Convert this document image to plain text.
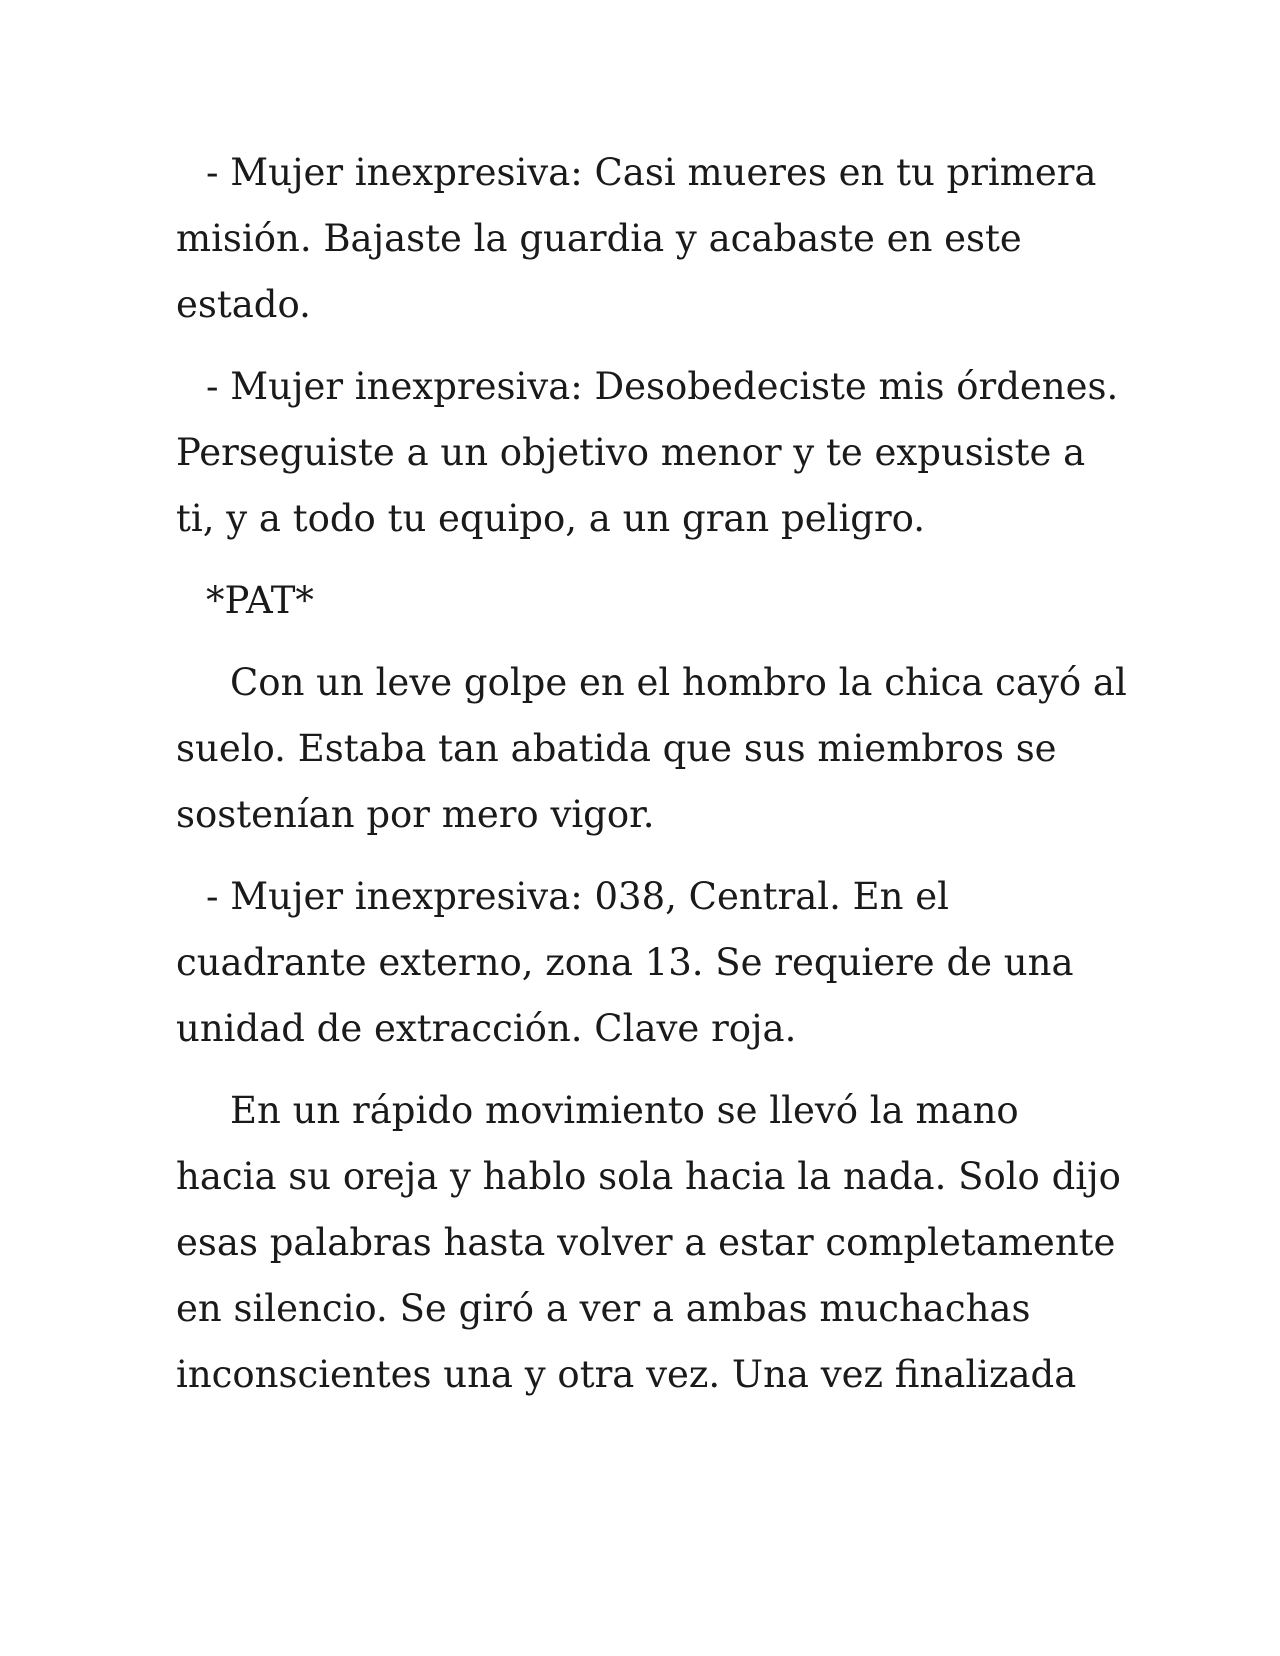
- Mujer inexpresiva: Casi mueres en tu primera
misión. Bajaste la guardia y acabaste en este
estado.

- Mujer inexpresiva: Desobedeciste mis órdenes.
Perseguiste a un objetivo menor y te expusiste a
ti, y a todo tu equipo, a un gran peligro.

*PAT*

Con un leve golpe en el hombro la chica cayó al
suelo. Estaba tan abatida que sus miembros se
sostenían por mero vigor.

- Mujer inexpresiva: 038, Central. En el
cuadrante externo, zona 13. Se requiere de una
unidad de extracción. Clave roja.

En un rápido movimiento se llevó la mano
hacia su oreja y hablo sola hacia la nada. Solo dijo
esas palabras hasta volver a estar completamente
en silencio. Se giró a ver a ambas muchachas
inconscientes una y otra vez. Una vez finalizada
